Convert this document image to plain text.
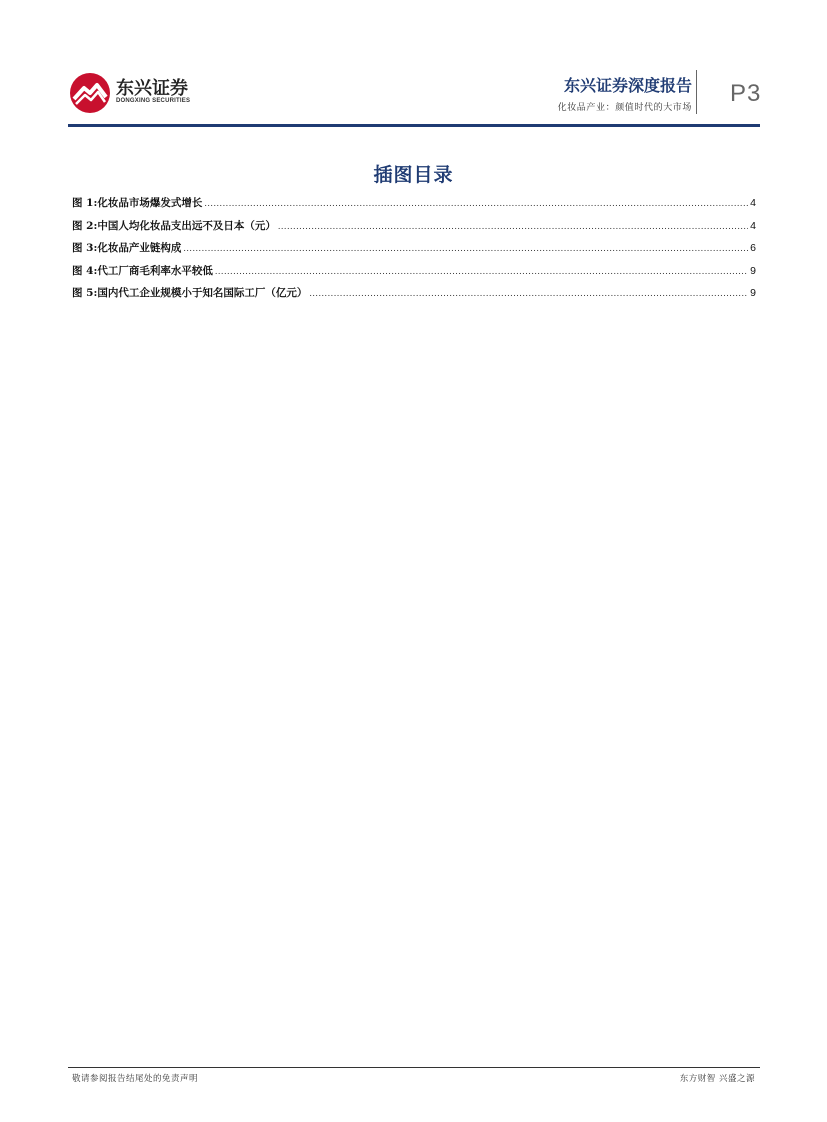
东兴证券
DONGXING SECURITIES
东兴证券深度报告
化妆品产业：颜值时代的大市场
P3
插图目录
图 1:化妆品市场爆发式增长 .....	4
图 2:中国人均化妆品支出远不及日本（元） .....	4
图 3:化妆品产业链构成 .....	6
图 4:代工厂商毛利率水平较低 .....	9
图 5:国内代工企业规模小于知名国际工厂（亿元） .....	9
敬请参阅报告结尾处的免责声明	东方财智 兴盛之源
